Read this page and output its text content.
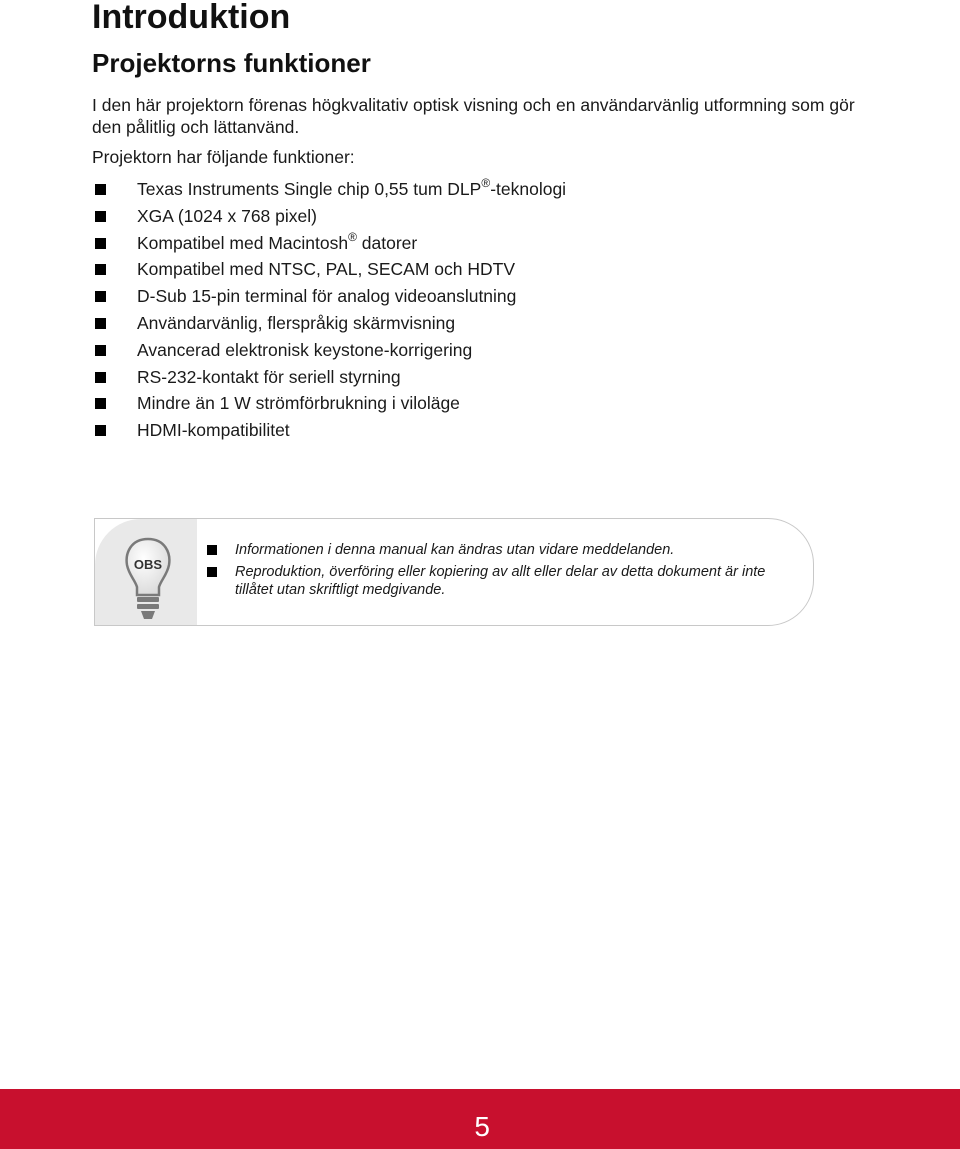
Introduktion
Projektorns funktioner

I den här projektorn förenas högkvalitativ optisk visning och en användarvänlig utformning som gör den pålitlig och lättanvänd.

Projektorn har följande funktioner:

Texas Instruments Single chip 0,55 tum DLP®-teknologi
XGA (1024 x 768 pixel)
Kompatibel med Macintosh® datorer
Kompatibel med NTSC, PAL, SECAM och HDTV
D-Sub 15-pin terminal för analog videoanslutning
Användarvänlig, flerspråkig skärmvisning
Avancerad elektronisk keystone-korrigering
RS-232-kontakt för seriell styrning
Mindre än 1 W strömförbrukning i viloläge
HDMI-kompatibilitet
OBS
Informationen i denna manual kan ändras utan vidare meddelanden.
Reproduktion, överföring eller kopiering av allt eller delar av detta dokument är inte tillåtet utan skriftligt medgivande.

5
